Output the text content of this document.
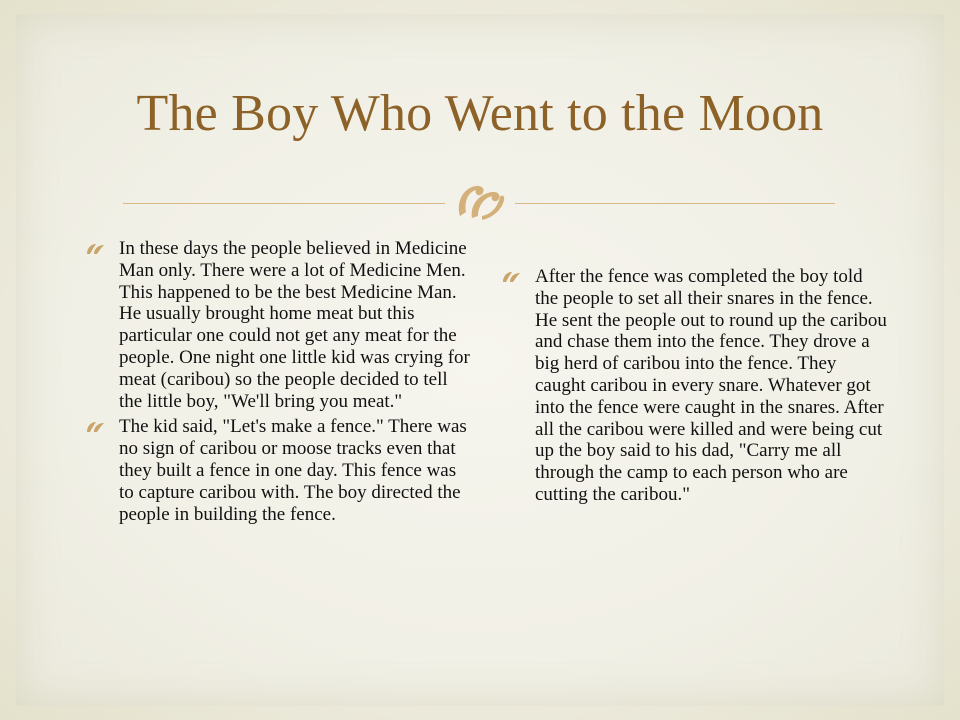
The Boy Who Went to the Moon
In these days the people believed in Medicine Man only. There were a lot of Medicine Men. This happened to be the best Medicine Man. He usually brought home meat but this particular one could not get any meat for the people. One night one little kid was crying for meat (caribou) so the people decided to tell the little boy, "We'll bring you meat."
The kid said, "Let's make a fence." There was no sign of caribou or moose tracks even that they built a fence in one day. This fence was to capture caribou with. The boy directed the people in building the fence.
After the fence was completed the boy told the people to set all their snares in the fence. He sent the people out to round up the caribou and chase them into the fence. They drove a big herd of caribou into the fence. They caught caribou in every snare. Whatever got into the fence were caught in the snares. After all the caribou were killed and were being cut up the boy said to his dad, "Carry me all through the camp to each person who are cutting the caribou."
